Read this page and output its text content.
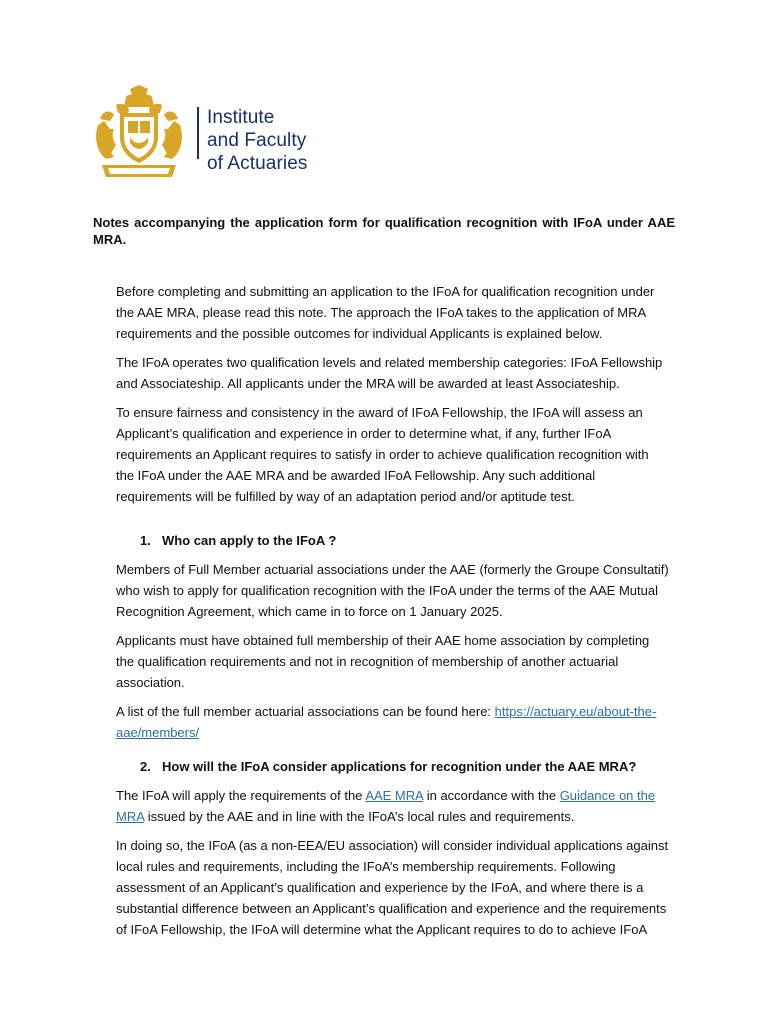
Institute
and Faculty
of Actuaries
Notes accompanying the application form for qualification recognition with IFoA under AAE MRA.

Before completing and submitting an application to the IFoA for qualification recognition under the AAE MRA, please read this note. The approach the IFoA takes to the application of MRA requirements and the possible outcomes for individual Applicants is explained below.

The IFoA operates two qualification levels and related membership categories: IFoA Fellowship and Associateship. All applicants under the MRA will be awarded at least Associateship.

To ensure fairness and consistency in the award of IFoA Fellowship, the IFoA will assess an Applicant’s qualification and experience in order to determine what, if any, further IFoA requirements an Applicant requires to satisfy in order to achieve qualification recognition with the IFoA under the AAE MRA and be awarded IFoA Fellowship. Any such additional requirements will be fulfilled by way of an adaptation period and/or aptitude test.

1. Who can apply to the IFoA ?

Members of Full Member actuarial associations under the AAE (formerly the Groupe Consultatif) who wish to apply for qualification recognition with the IFoA under the terms of the AAE Mutual Recognition Agreement, which came in to force on 1 January 2025.

Applicants must have obtained full membership of their AAE home association by completing the qualification requirements and not in recognition of membership of another actuarial association.

A list of the full member actuarial associations can be found here: https://actuary.eu/about-the-aae/members/

2. How will the IFoA consider applications for recognition under the AAE MRA?

The IFoA will apply the requirements of the AAE MRA in accordance with the Guidance on the MRA issued by the AAE and in line with the IFoA’s local rules and requirements.

In doing so, the IFoA (as a non-EEA/EU association) will consider individual applications against local rules and requirements, including the IFoA’s membership requirements. Following assessment of an Applicant’s qualification and experience by the IFoA, and where there is a substantial difference between an Applicant’s qualification and experience and the requirements of IFoA Fellowship, the IFoA will determine what the Applicant requires to do to achieve IFoA
